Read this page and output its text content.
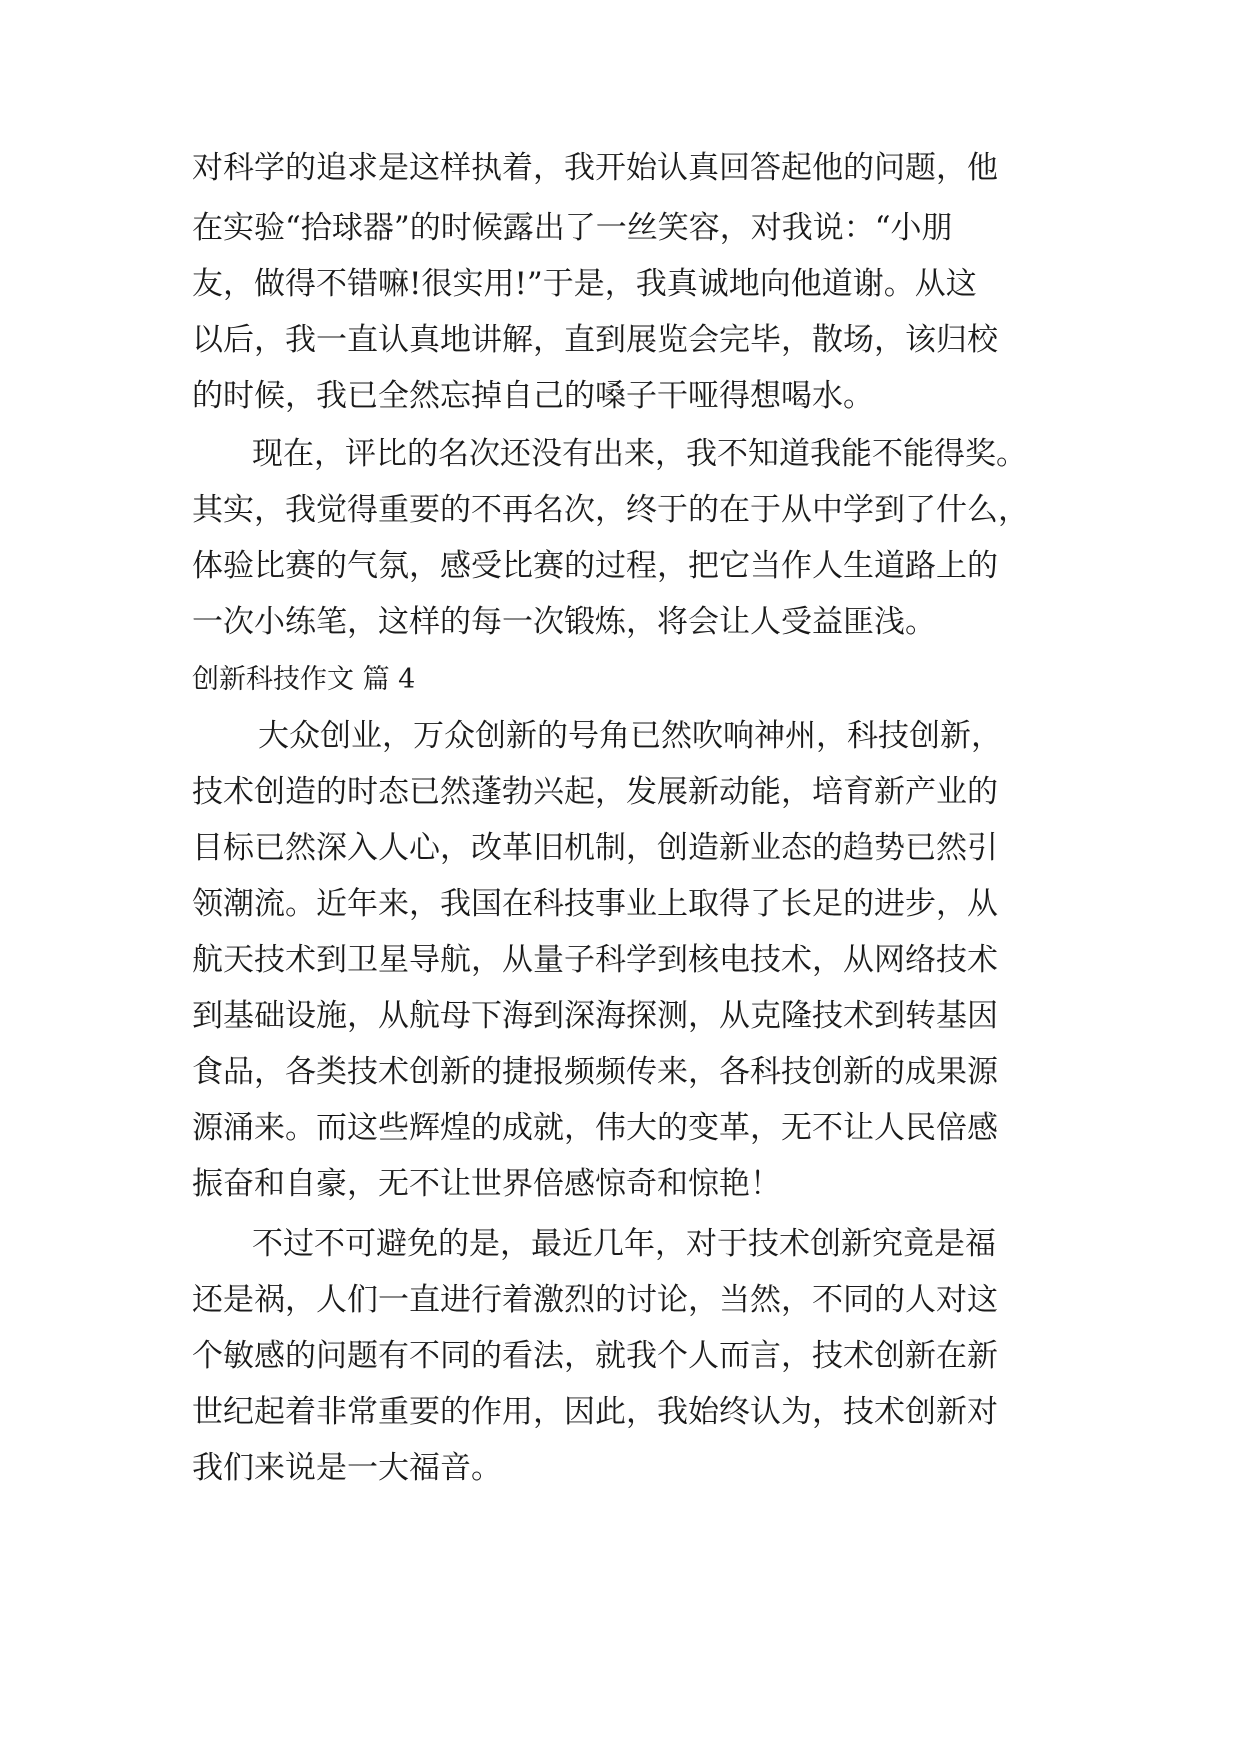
对科学的追求是这样执着，我开始认真回答起他的问题，他

在实验“拾球器”的时候露出了一丝笑容，对我说：“小朋

友，做得不错嘛!很实用!”于是，我真诚地向他道谢。从这

以后，我一直认真地讲解，直到展览会完毕，散场，该归校

的时候，我已全然忘掉自己的嗓子干哑得想喝水。

现在，评比的名次还没有出来，我不知道我能不能得奖。

其实，我觉得重要的不再名次，终于的在于从中学到了什么，

体验比赛的气氛，感受比赛的过程，把它当作人生道路上的

一次小练笔，这样的每一次锻炼，将会让人受益匪浅。

创新科技作文 篇 4

大众创业，万众创新的号角已然吹响神州，科技创新，

技术创造的时态已然蓬勃兴起，发展新动能，培育新产业的

目标已然深入人心，改革旧机制，创造新业态的趋势已然引

领潮流。近年来，我国在科技事业上取得了长足的进步，从

航天技术到卫星导航，从量子科学到核电技术，从网络技术

到基础设施，从航母下海到深海探测，从克隆技术到转基因

食品，各类技术创新的捷报频频传来，各科技创新的成果源

源涌来。而这些辉煌的成就，伟大的变革，无不让人民倍感

振奋和自豪，无不让世界倍感惊奇和惊艳！

不过不可避免的是，最近几年，对于技术创新究竟是福

还是祸，人们一直进行着激烈的讨论，当然，不同的人对这

个敏感的问题有不同的看法，就我个人而言，技术创新在新

世纪起着非常重要的作用，因此，我始终认为，技术创新对

我们来说是一大福音。
